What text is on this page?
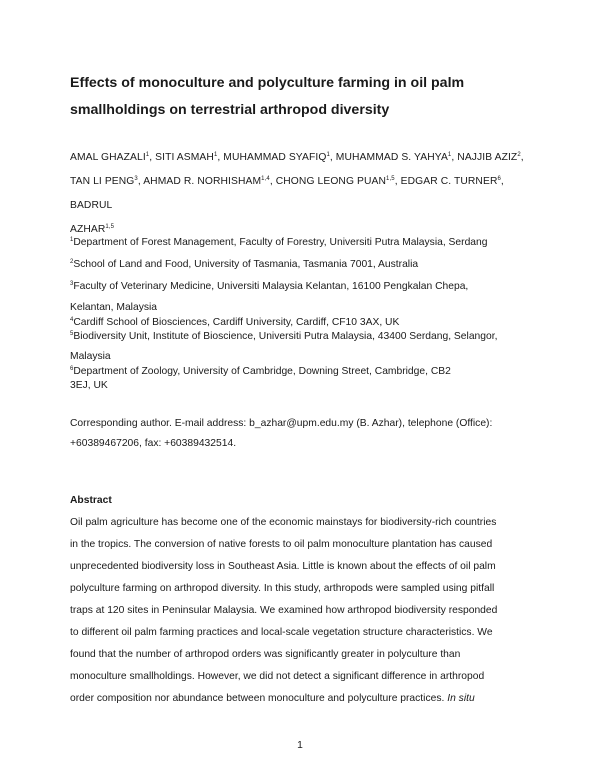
Effects of monoculture and polyculture farming in oil palm
smallholdings on terrestrial arthropod diversity
AMAL GHAZALI$^1$, SITI ASMAH$^1$, MUHAMMAD SYAFIQ$^1$, MUHAMMAD S. YAHYA$^1$, NAJJIB AZIZ$^2$,
TAN LI PENG$^3$, AHMAD R. NORHISHAM$^{1,4}$, CHONG LEONG PUAN$^{1,5}$, EDGAR C. TURNER$^6$, BADRUL
AZHAR$^{1,5}$
$^1$Department of Forest Management, Faculty of Forestry, Universiti Putra Malaysia, Serdang
$^2$School of Land and Food, University of Tasmania, Tasmania 7001, Australia
$^3$Faculty of Veterinary Medicine, Universiti Malaysia Kelantan, 16100 Pengkalan Chepa,
Kelantan, Malaysia
$^4$Cardiff School of Biosciences, Cardiff University, Cardiff, CF10 3AX, UK
$^5$Biodiversity Unit, Institute of Bioscience, Universiti Putra Malaysia, 43400 Serdang, Selangor,
Malaysia
$^6$Department of Zoology, University of Cambridge, Downing Street, Cambridge, CB2
3EJ, UK
Corresponding author. E-mail address: b_azhar@upm.edu.my (B. Azhar), telephone (Office):
+60389467206, fax: +60389432514.
Abstract
Oil palm agriculture has become one of the economic mainstays for biodiversity-rich countries
in the tropics. The conversion of native forests to oil palm monoculture plantation has caused
unprecedented biodiversity loss in Southeast Asia. Little is known about the effects of oil palm
polyculture farming on arthropod diversity. In this study, arthropods were sampled using pitfall
traps at 120 sites in Peninsular Malaysia. We examined how arthropod biodiversity responded
to different oil palm farming practices and local-scale vegetation structure characteristics. We
found that the number of arthropod orders was significantly greater in polyculture than
monoculture smallholdings. However, we did not detect a significant difference in arthropod
order composition nor abundance between monoculture and polyculture practices. In situ
1
